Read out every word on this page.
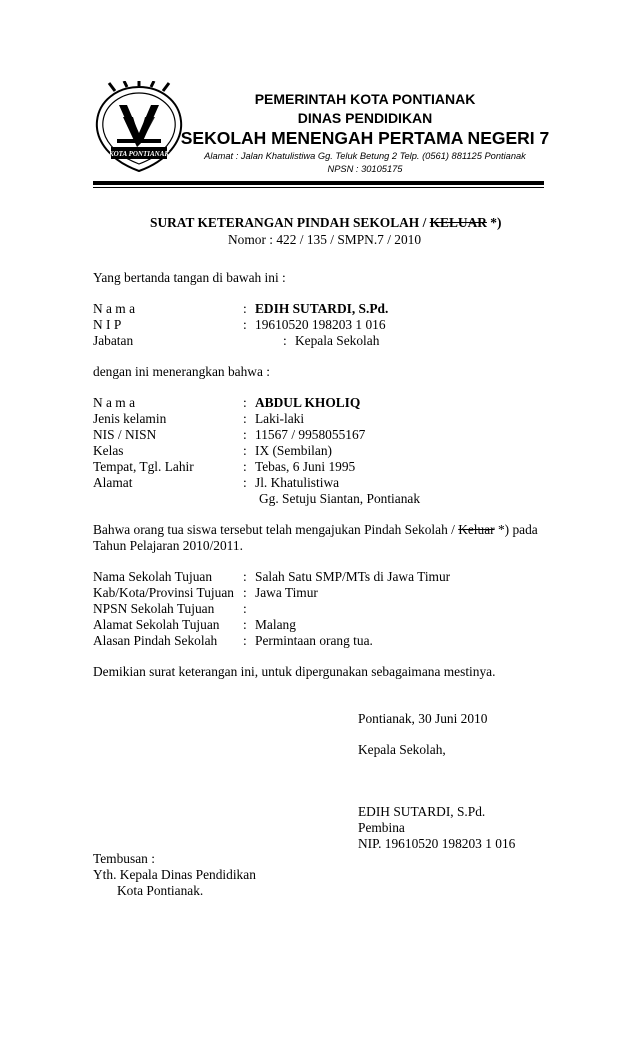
KOTA PONTIANAK
PEMERINTAH KOTA PONTIANAK
DINAS PENDIDIKAN
SEKOLAH MENENGAH PERTAMA NEGERI 7
Alamat : Jalan Khatulistiwa Gg. Teluk Betung 2 Telp. (0561) 881125 Pontianak
NPSN : 30105175
SURAT KETERANGAN PINDAH SEKOLAH / KELUAR *)
Nomor : 422 / 135 / SMPN.7 / 2010
Yang bertanda tangan di bawah ini :
N a m a	: EDIH SUTARDI, S.Pd.
N I P	: 19610520 198203 1 016
Jabatan	: Kepala Sekolah
dengan ini menerangkan bahwa :
N a m a	: ABDUL KHOLIQ
Jenis kelamin	: Laki-laki
NIS / NISN	: 11567 / 9958055167
Kelas	: IX (Sembilan)
Tempat, Tgl. Lahir	: Tebas, 6 Juni 1995
Alamat	: Jl. Khatulistiwa
Gg. Setuju Siantan, Pontianak
Bahwa orang tua siswa tersebut telah mengajukan Pindah Sekolah / Keluar *) pada
Tahun Pelajaran 2010/2011.
Nama Sekolah Tujuan : Salah Satu SMP/MTs di Jawa Timur
Kab/Kota/Provinsi Tujuan : Jawa Timur
NPSN Sekolah Tujuan :
Alamat Sekolah Tujuan : Malang
Alasan Pindah Sekolah : Permintaan orang tua.
Demikian surat keterangan ini, untuk dipergunakan sebagaimana mestinya.
Pontianak, 30 Juni 2010
Kepala Sekolah,
EDIH SUTARDI, S.Pd.
Pembina
NIP. 19610520 198203 1 016
Tembusan :
Yth. Kepala Dinas Pendidikan
Kota Pontianak.
